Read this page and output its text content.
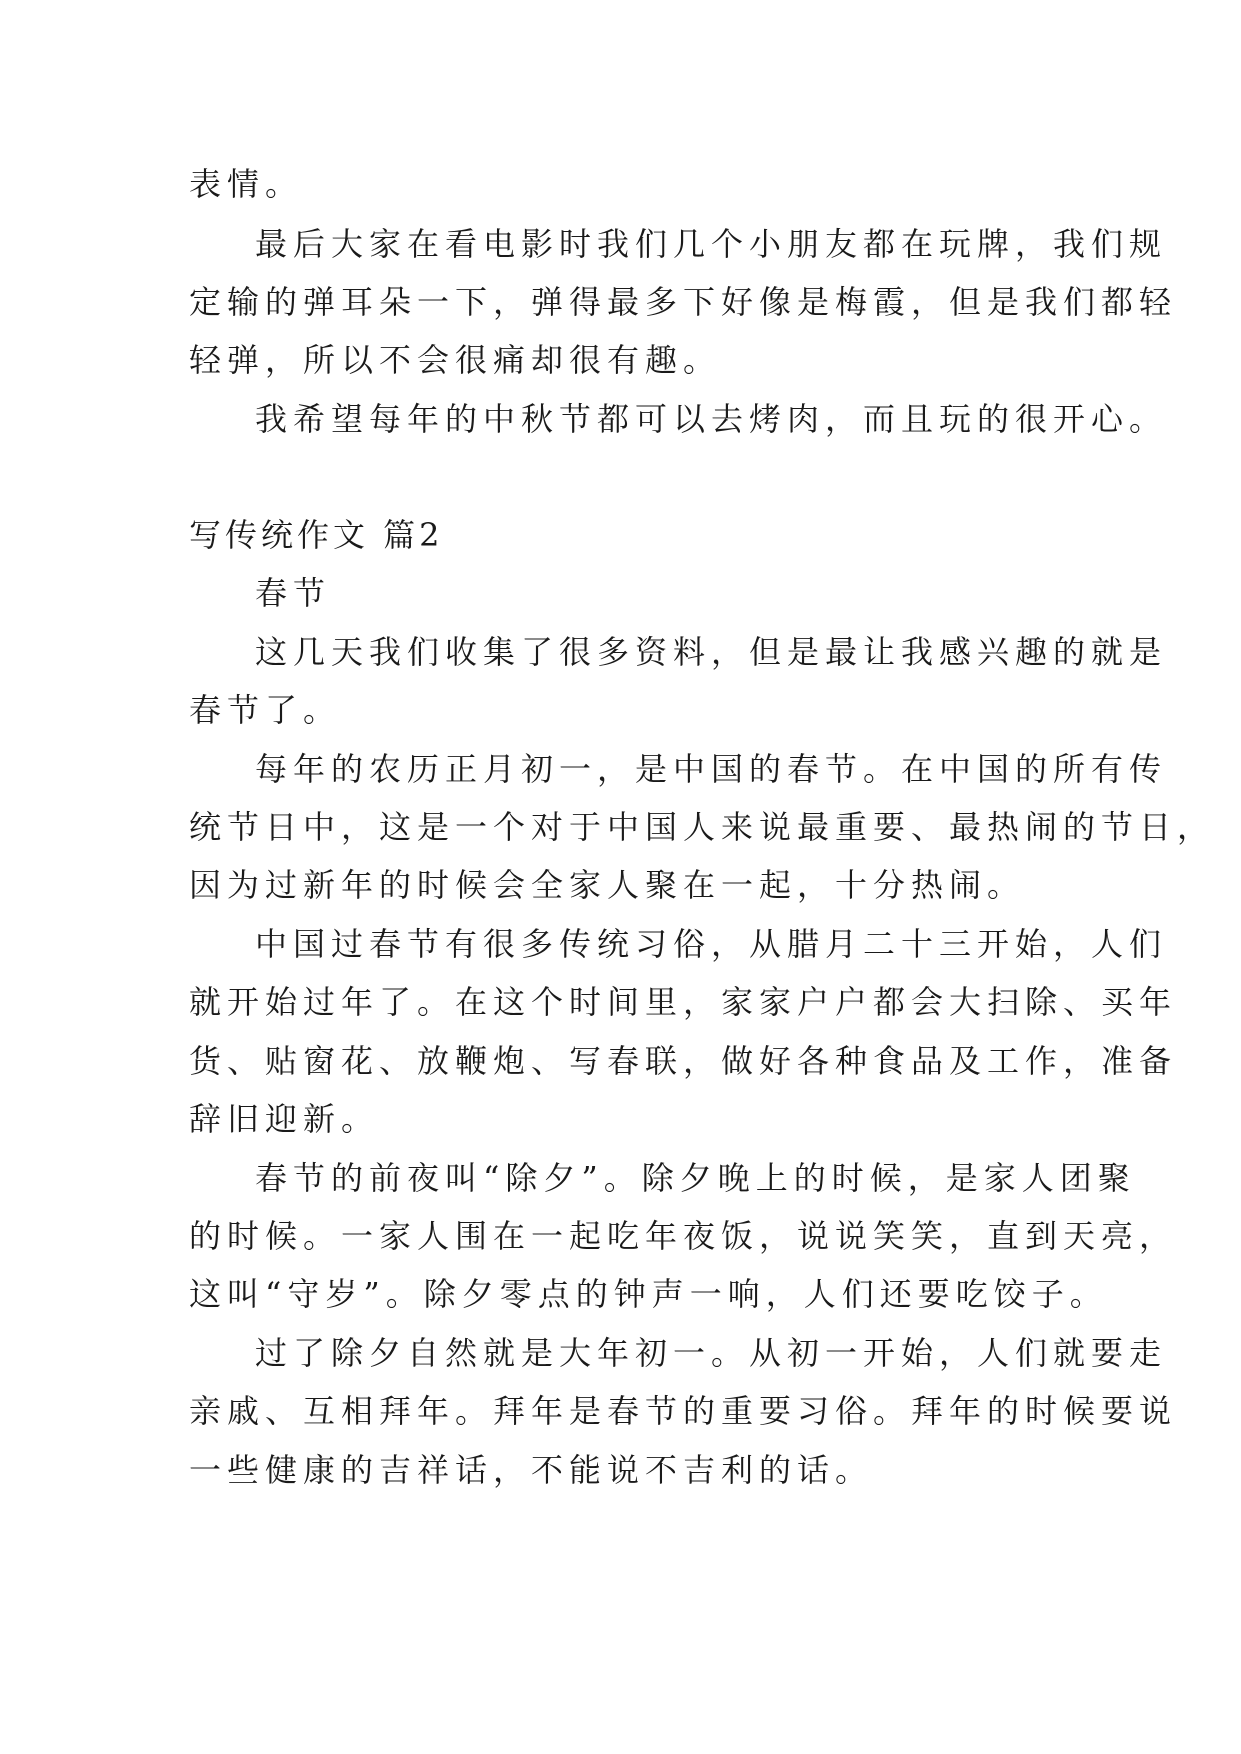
表情。

最后大家在看电影时我们几个小朋友都在玩牌，我们规

定输的弹耳朵一下，弹得最多下好像是梅霞，但是我们都轻

轻弹，所以不会很痛却很有趣。

我希望每年的中秋节都可以去烤肉，而且玩的很开心。

写传统作文 篇2

春节

这几天我们收集了很多资料，但是最让我感兴趣的就是

春节了。

每年的农历正月初一，是中国的春节。在中国的所有传

统节日中，这是一个对于中国人来说最重要、最热闹的节日，

因为过新年的时候会全家人聚在一起，十分热闹。

中国过春节有很多传统习俗，从腊月二十三开始，人们

就开始过年了。在这个时间里，家家户户都会大扫除、买年

货、贴窗花、放鞭炮、写春联，做好各种食品及工作，准备

辞旧迎新。

春节的前夜叫“除夕”。除夕晚上的时候，是家人团聚

的时候。一家人围在一起吃年夜饭，说说笑笑，直到天亮，

这叫“守岁”。除夕零点的钟声一响，人们还要吃饺子。

过了除夕自然就是大年初一。从初一开始，人们就要走

亲戚、互相拜年。拜年是春节的重要习俗。拜年的时候要说

一些健康的吉祥话，不能说不吉利的话。
